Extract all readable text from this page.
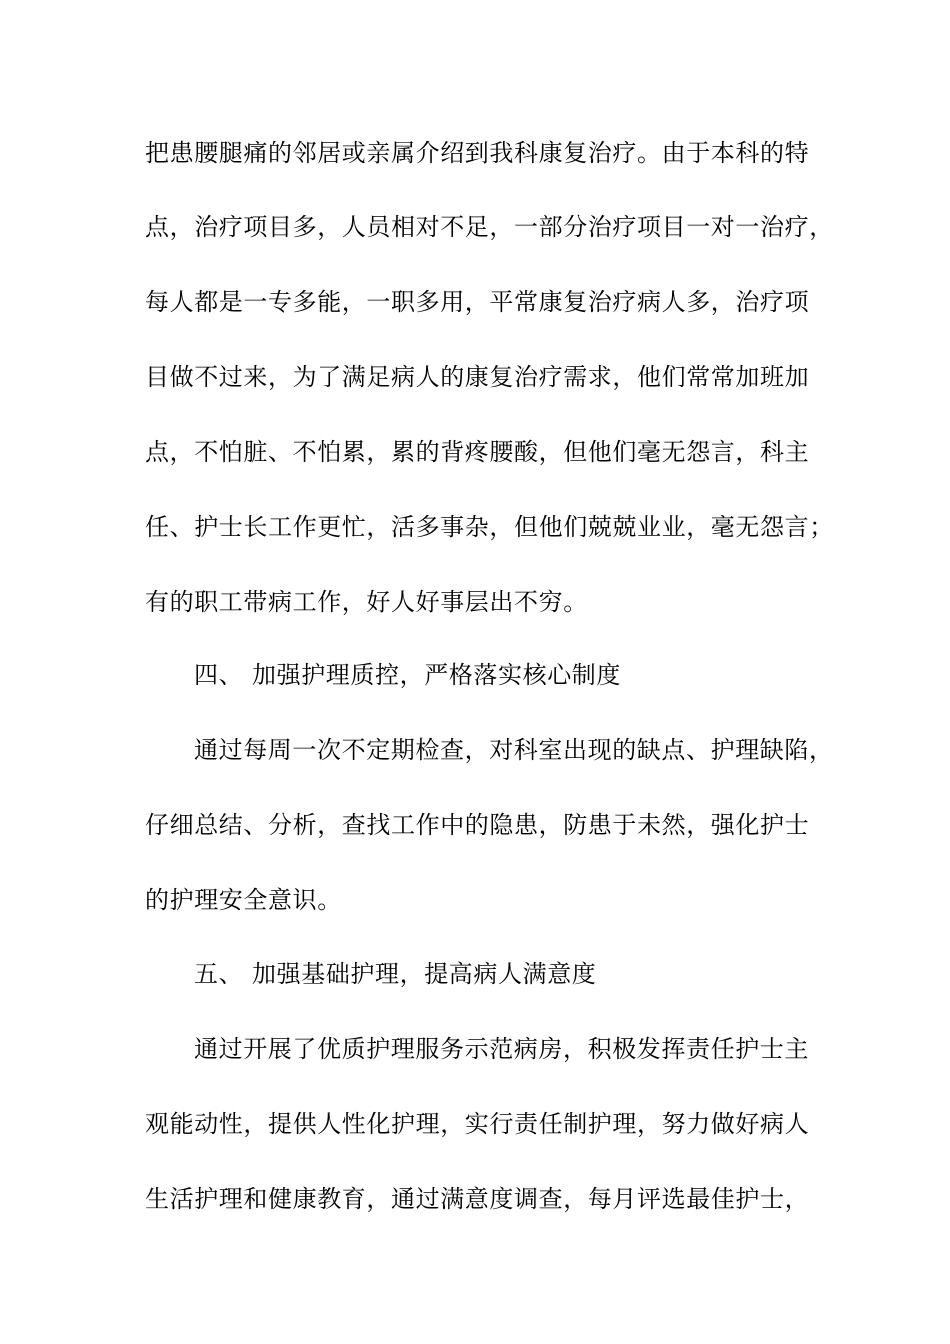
把患腰腿痛的邻居或亲属介绍到我科康复治疗。由于本科的特
点，治疗项目多，人员相对不足，一部分治疗项目一对一治疗，
每人都是一专多能，一职多用，平常康复治疗病人多，治疗项
目做不过来，为了满足病人的康复治疗需求，他们常常加班加
点，不怕脏、不怕累，累的背疼腰酸，但他们毫无怨言，科主
任、护士长工作更忙，活多事杂，但他们兢兢业业，毫无怨言；
有的职工带病工作，好人好事层出不穷。
四、 加强护理质控，严格落实核心制度
通过每周一次不定期检查，对科室出现的缺点、护理缺陷，
仔细总结、分析，查找工作中的隐患，防患于未然，强化护士
的护理安全意识。
五、 加强基础护理，提高病人满意度
通过开展了优质护理服务示范病房，积极发挥责任护士主
观能动性，提供人性化护理，实行责任制护理，努力做好病人
生活护理和健康教育，通过满意度调查，每月评选最佳护士，
